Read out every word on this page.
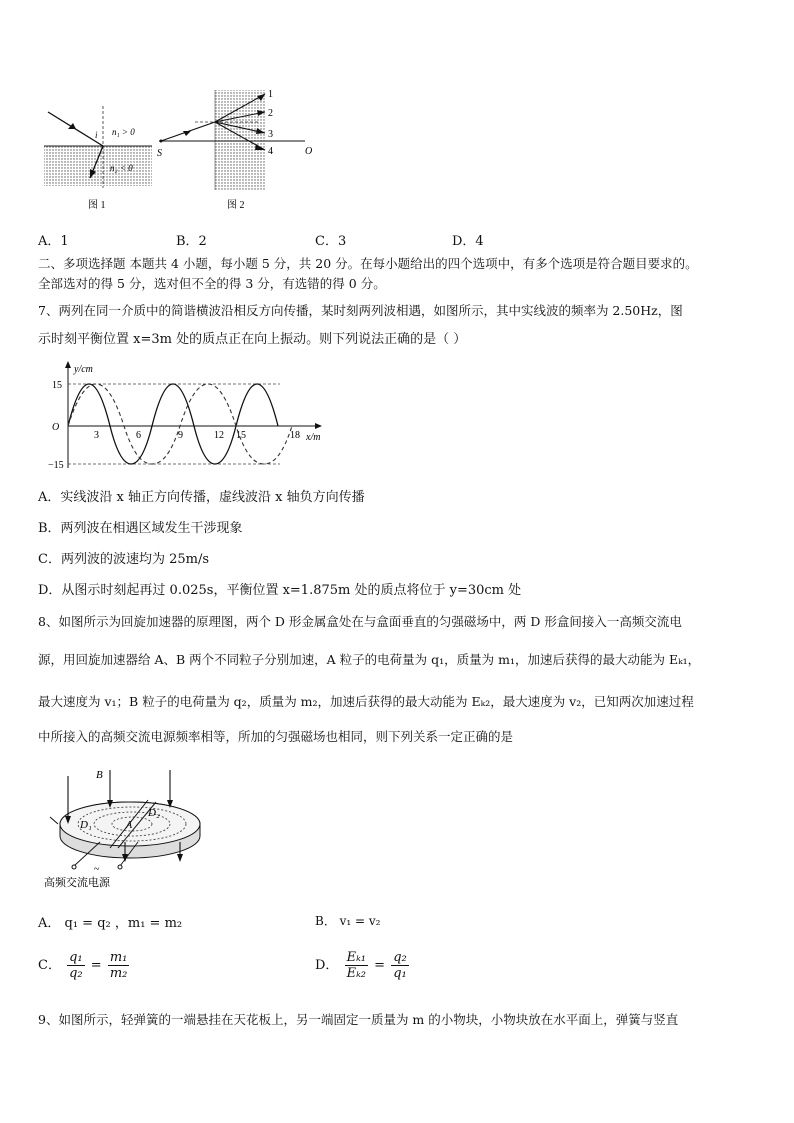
i n₁ > 0
n₂ < 0
图 1
1
2
3
4
S	O
图 2
A．1	B．2	C．3	D．4
二、多项选择题 本题共 4 小题，每小题 5 分，共 20 分。在每小题给出的四个选项中，有多个选项是符合题目要求的。
全部选对的得 5 分，选对但不全的得 3 分，有选错的得 0 分。
7、两列在同一介质中的简谐横波沿相反方向传播，某时刻两列波相遇，如图所示，其中实线波的频率为 2.50Hz，图
示时刻平衡位置 x=3m 处的质点正在向上振动。则下列说法正确的是（ ）
y/cm
x/m
O
15
−15
3	6	9	12 15	18
A．实线波沿 x 轴正方向传播，虚线波沿 x 轴负方向传播
B．两列波在相遇区域发生干涉现象
C．两列波的波速均为 25m/s
D．从图示时刻起再过 0.025s，平衡位置 x=1.875m 处的质点将位于 y=30cm 处
8、如图所示为回旋加速器的原理图，两个 D 形金属盒处在与盒面垂直的匀强磁场中，两 D 形盒间接入一高频交流电
源，用回旋加速器给 A、B 两个不同粒子分别加速，A 粒子的电荷量为 q₁，质量为 m₁，加速后获得的最大动能为 Eₖ₁，
最大速度为 v₁；B 粒子的电荷量为 q₂，质量为 m₂，加速后获得的最大动能为 Eₖ₂，最大速度为 v₂，已知两次加速过程
中所接入的高频交流电源频率相等，所加的匀强磁场也相同，则下列关系一定正确的是
~
B
D₁
D₂
A
高频交流电源
A． q₁ = q₂ ，m₁ = m₂	B． v₁ = v₂
C． $\frac{\text{q₁}}{\text{q₂}} = \frac{\text{m₁}}{\text{m₂}}$	D． $\frac{\text{Eₖ₁}}{\text{Eₖ₂}} = \frac{\text{q₂}}{\text{q₁}}$
9、如图所示，轻弹簧的一端悬挂在天花板上，另一端固定一质量为 m 的小物块，小物块放在水平面上，弹簧与竖直
